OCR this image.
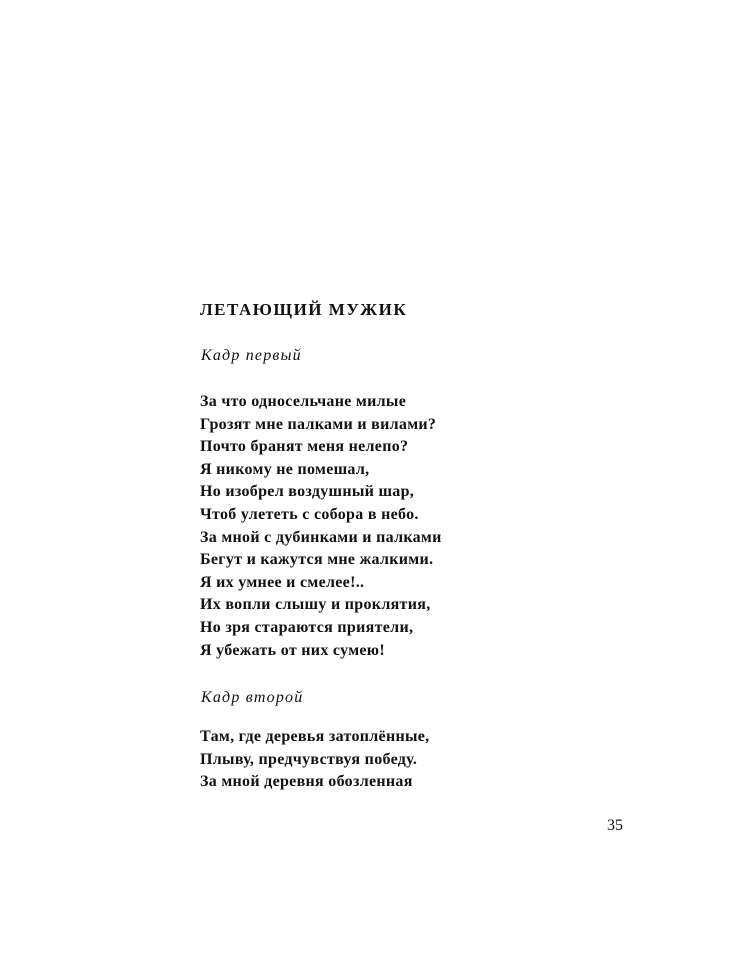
ЛЕТАЮЩИЙ МУЖИК
Кадр первый
За что односельчане милые
Грозят мне палками и вилами?
Почто бранят меня нелепо?
Я никому не помешал,
Но изобрел воздушный шар,
Чтоб улететь с собора в небо.
За мной с дубинками и палками
Бегут и кажутся мне жалкими.
Я их умнее и смелее!..
Их вопли слышу и проклятия,
Но зря стараются приятели,
Я убежать от них сумею!
Кадр второй
Там, где деревья затоплённые,
Плыву, предчувствуя победу.
За мной деревня обозленная
35
